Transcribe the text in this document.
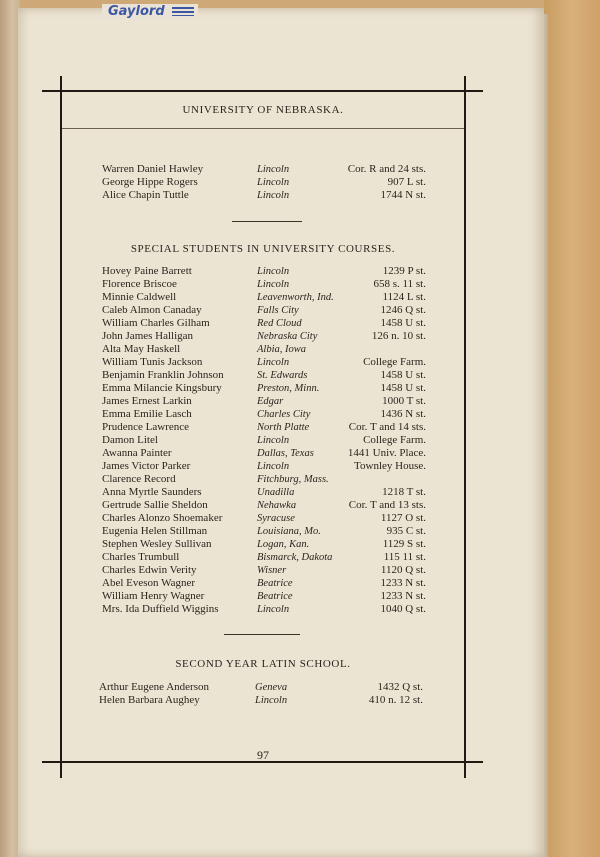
Gaylord
UNIVERSITY OF NEBRASKA.
Warren Daniel Hawley	Lincoln	Cor. R and 24 sts.
George Hippe Rogers	Lincoln	907 L st.
Alice Chapin Tuttle	Lincoln	1744 N st.
SPECIAL STUDENTS IN UNIVERSITY COURSES.
Hovey Paine Barrett	Lincoln	1239 P st.
Florence Briscoe	Lincoln	658 s. 11 st.
Minnie Caldwell	Leavenworth, Ind.	1124 L st.
Caleb Almon Canaday	Falls City	1246 Q st.
William Charles Gilham	Red Cloud	1458 U st.
John James Halligan	Nebraska City	126 n. 10 st.
Alta May Haskell	Albia, Iowa
William Tunis Jackson	Lincoln	College Farm.
Benjamin Franklin Johnson	St. Edwards	1458 U st.
Emma Milancie Kingsbury	Preston, Minn.	1458 U st.
James Ernest Larkin	Edgar	1000 T st.
Emma Emilie Lasch	Charles City	1436 N st.
Prudence Lawrence	North Platte	Cor. T and 14 sts.
Damon Litel	Lincoln	College Farm.
Awanna Painter	Dallas, Texas	1441 Univ. Place.
James Victor Parker	Lincoln	Townley House.
Clarence Record	Fitchburg, Mass.
Anna Myrtle Saunders	Unadilla	1218 T st.
Gertrude Sallie Sheldon	Nehawka	Cor. T and 13 sts.
Charles Alonzo Shoemaker	Syracuse	1127 O st.
Eugenia Helen Stillman	Louisiana, Mo.	935 C st.
Stephen Wesley Sullivan	Logan, Kan.	1129 S st.
Charles Trumbull	Bismarck, Dakota	115 11 st.
Charles Edwin Verity	Wisner	1120 Q st.
Abel Eveson Wagner	Beatrice	1233 N st.
William Henry Wagner	Beatrice	1233 N st.
Mrs. Ida Duffield Wiggins	Lincoln	1040 Q st.
SECOND YEAR LATIN SCHOOL.
Arthur Eugene Anderson	Geneva	1432 Q st.
Helen Barbara Aughey	Lincoln	410 n. 12 st.
97
